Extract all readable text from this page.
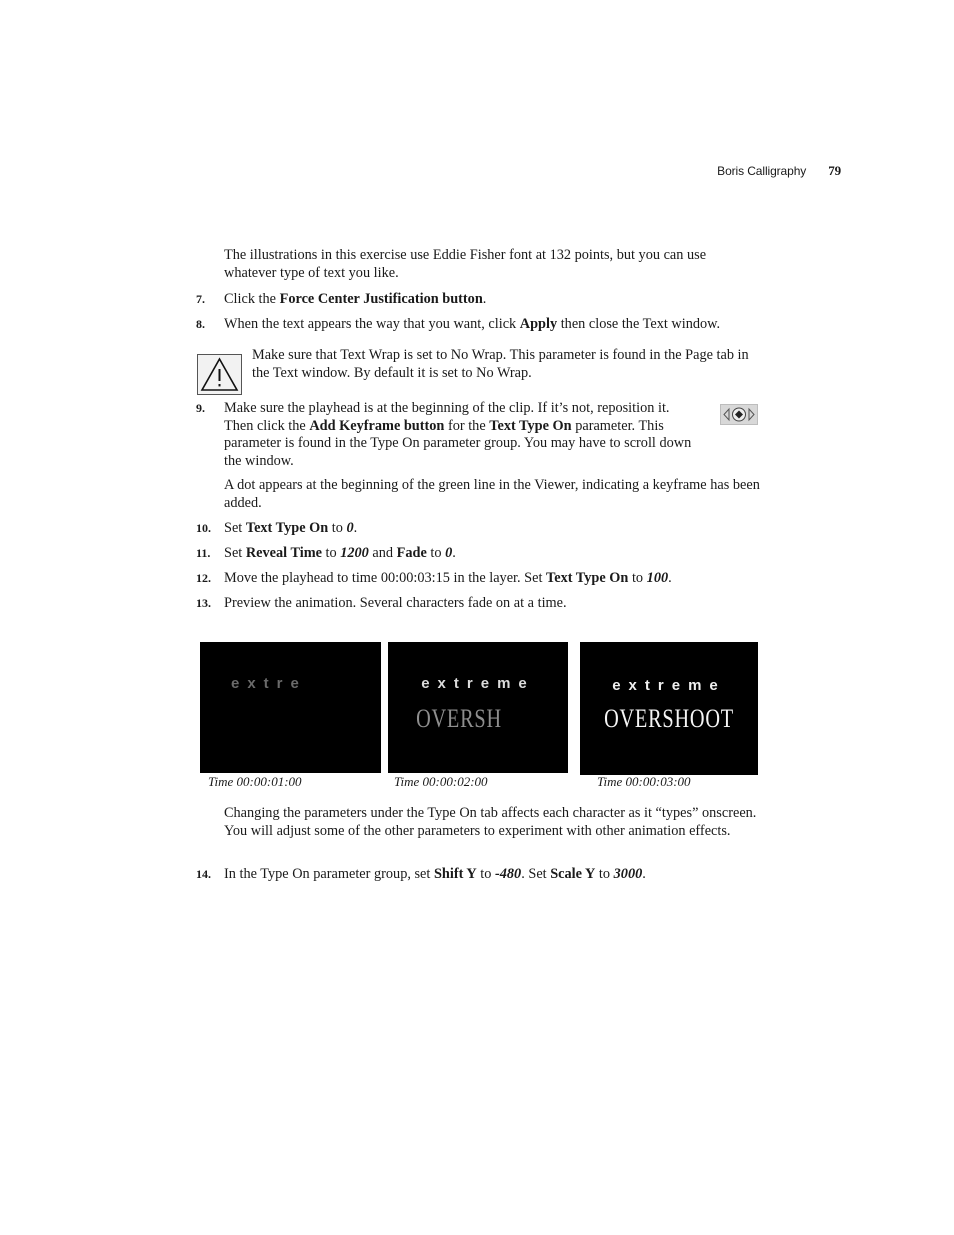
Boris Calligraphy 79
The illustrations in this exercise use Eddie Fisher font at 132 points, but you can use whatever type of text you like.
7. Click the Force Center Justification button.
8. When the text appears the way that you want, click Apply then close the Text window.
Make sure that Text Wrap is set to No Wrap. This parameter is found in the Page tab in the Text window. By default it is set to No Wrap.
9. Make sure the playhead is at the beginning of the clip. If it’s not, reposition it. Then click the Add Keyframe button for the Text Type On parameter. This parameter is found in the Type On parameter group. You may have to scroll down the window.
A dot appears at the beginning of the green line in the Viewer, indicating a keyframe has been added.
10. Set Text Type On to 0.
11. Set Reveal Time to 1200 and Fade to 0.
12. Move the playhead to time 00:00:03:15 in the layer. Set Text Type On to 100.
13. Preview the animation. Several characters fade on at a time.
extre	extreme
OVERSH
extreme
OVERSHOOT
Time 00:00:01:00	Time 00:00:02:00	Time 00:00:03:00
Changing the parameters under the Type On tab affects each character as it “types” onscreen. You will adjust some of the other parameters to experiment with other animation effects.
14. In the Type On parameter group, set Shift Y to -480. Set Scale Y to 3000.
